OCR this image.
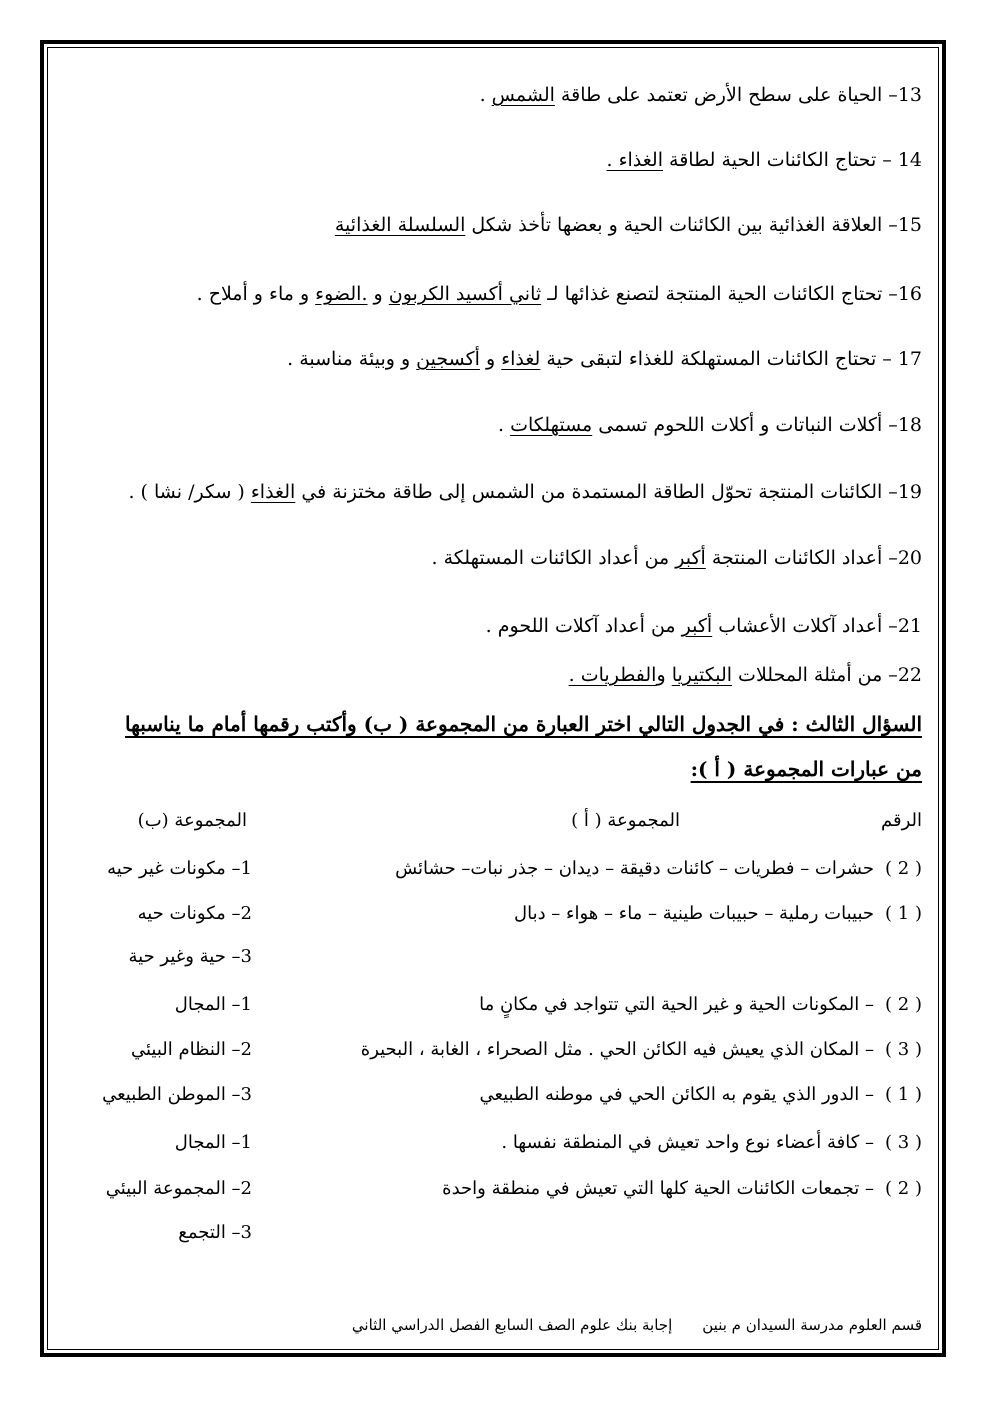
13– الحياة على سطح الأرض تعتمد على طاقة الشمس .
14 – تحتاج الكائنات الحية لطاقة الغذاء .
15– العلاقة الغذائية بين الكائنات الحية و بعضها تأخذ شكل السلسلة الغذائية
16– تحتاج الكائنات الحية المنتجة لتصنع غذائها لـ ثاني أكسيد الكربون و .الضوء و ماء و أملاح .
17 – تحتاج الكائنات المستهلكة للغذاء لتبقى حية لغذاء و أكسجين و وبيئة مناسبة .
18– أكلات النباتات و أكلات اللحوم تسمى مستهلكات .
19– الكائنات المنتجة تحوّل الطاقة المستمدة من الشمس إلى طاقة مختزنة في الغذاء ( سكر/ نشا ) .
20– أعداد الكائنات المنتجة أكبر من أعداد الكائنات المستهلكة .
21– أعداد آكلات الأعشاب أكبر من أعداد آكلات اللحوم .
22– من أمثلة المحللات البكتيريا والفطريات .
السؤال الثالث : في الجدول التالي اختر العبارة من المجموعة ( ب) وأكتب رقمها أمام ما يناسبها
من عبارات المجموعة ( أ ):
الرقم
المجموعة ( أ )
المجموعة (ب)
( 2 )حشرات – فطريات – كائنات دقيقة – ديدان – جذر نبات– حشائش
( 1 )حبيبات رملية – حبيبات طينية – ماء – هواء – دبال
1– مكونات غير حيه
2– مكونات حيه
3– حية وغير حية
( 2 )– المكونات الحية و غير الحية التي تتواجد في مكانٍ ما
( 3 )– المكان الذي يعيش فيه الكائن الحي . مثل الصحراء ، الغابة ، البحيرة
( 1 )– الدور الذي يقوم به الكائن الحي في موطنه الطبيعي
1– المجال
2– النظام البيئي
3– الموطن الطبيعي
( 3 )– كافة أعضاء نوع واحد تعيش في المنطقة نفسها .
( 2 )– تجمعات الكائنات الحية كلها التي تعيش في منطقة واحدة
1– المجال
2– المجموعة البيئي
3– التجمع
قسم العلوم مدرسة السيدان م بنينإجابة بنك علوم الصف السابع الفصل الدراسي الثاني
